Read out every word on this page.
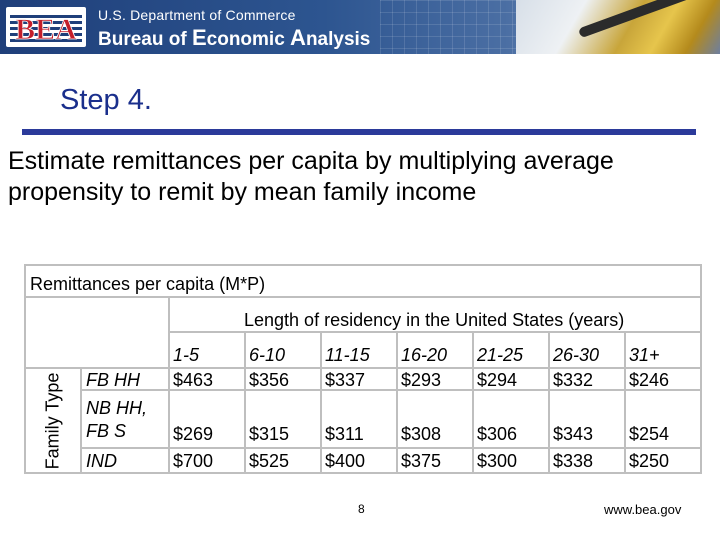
BEA U.S. Department of Commerce
Bureau of Economic Analysis
Step 4.
Estimate remittances per capita by multiplying average propensity to remit by mean family income
Remittances per capita (M*P)
Length of residency in the United States (years)
1-5	6-10	11-15	16-20	21-25	26-30	31+
Family Type FB HH	$463	$356	$337	$293	$294	$332	$246
NB HH,
FB S	$269	$315	$311	$308	$306	$343	$254
IND	$700	$525	$400	$375	$300	$338	$250
8	www.bea.gov
